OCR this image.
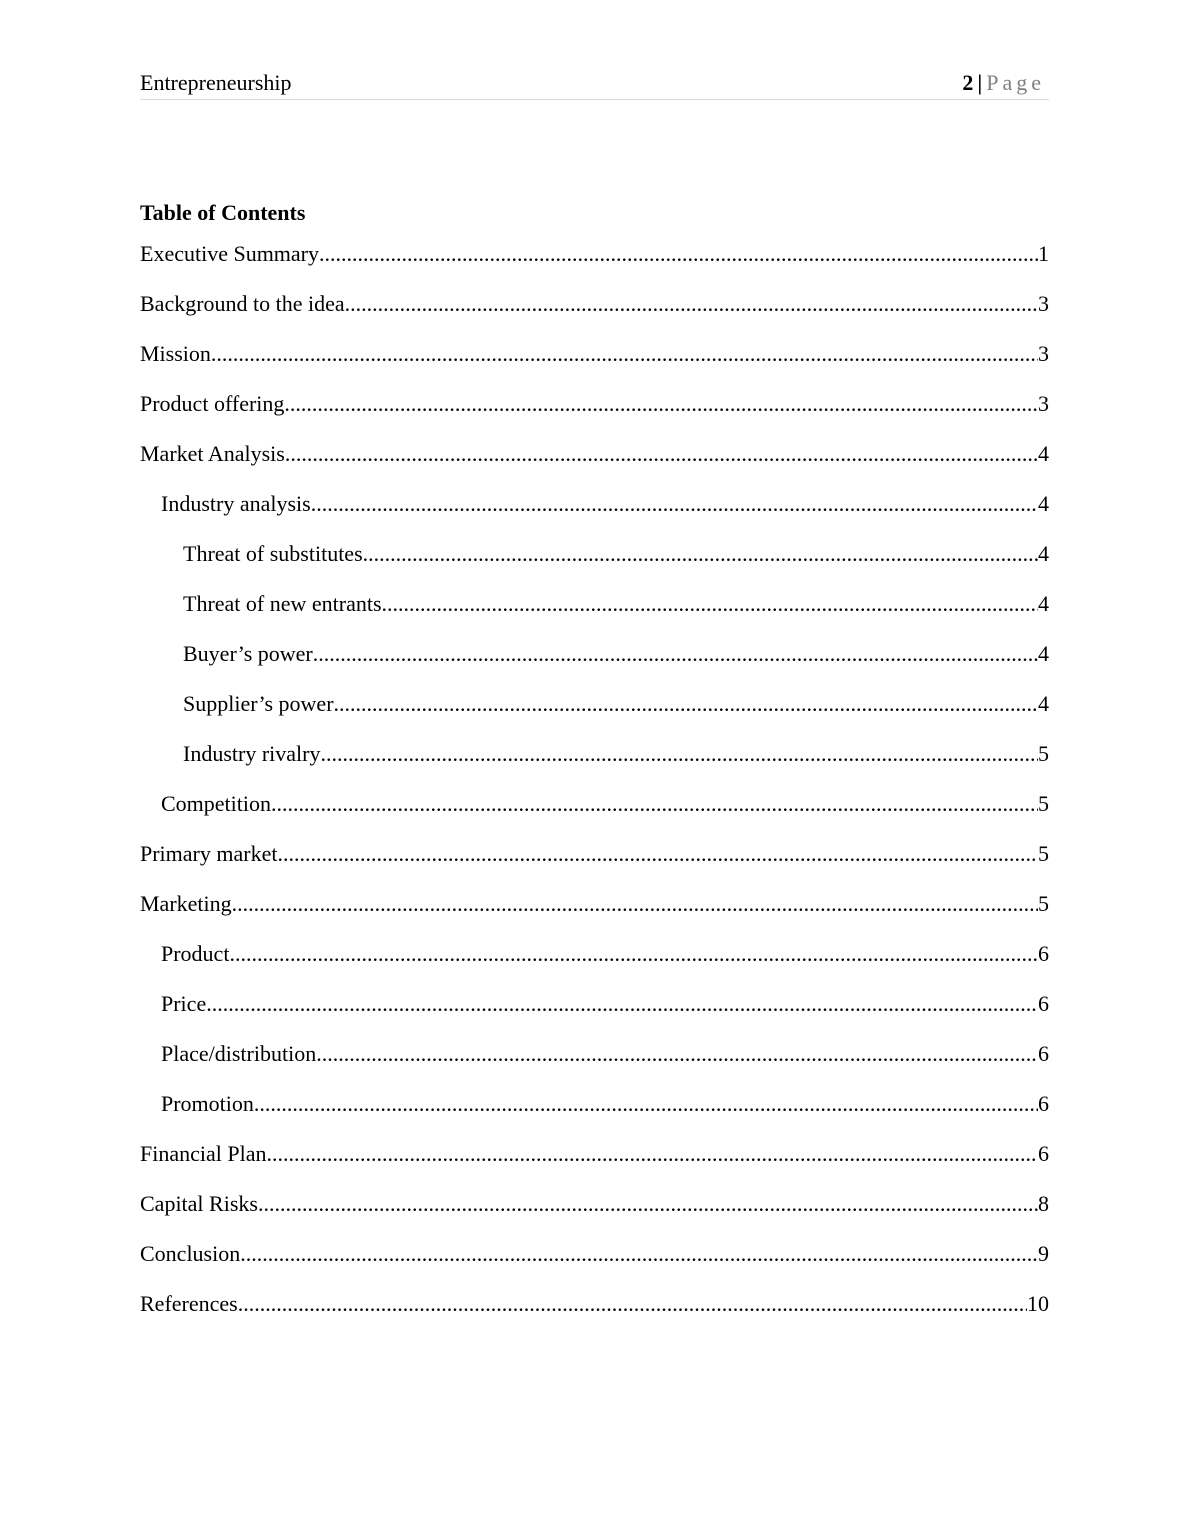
Entrepreneurship	2 | Page
Table of Contents
Executive Summary .....	1
Background to the idea .....	3
Mission .....	3
Product offering .....	3
Market Analysis .....	4
Industry analysis .....	4
Threat of substitutes .....	4
Threat of new entrants .....	4
Buyer’s power .....	4
Supplier’s power .....	4
Industry rivalry .....	5
Competition .....	5
Primary market .....	5
Marketing .....	5
Product .....	6
Price .....	6
Place/distribution .....	6
Promotion .....	6
Financial Plan .....	6
Capital Risks .....	8
Conclusion .....	9
References .....	10
